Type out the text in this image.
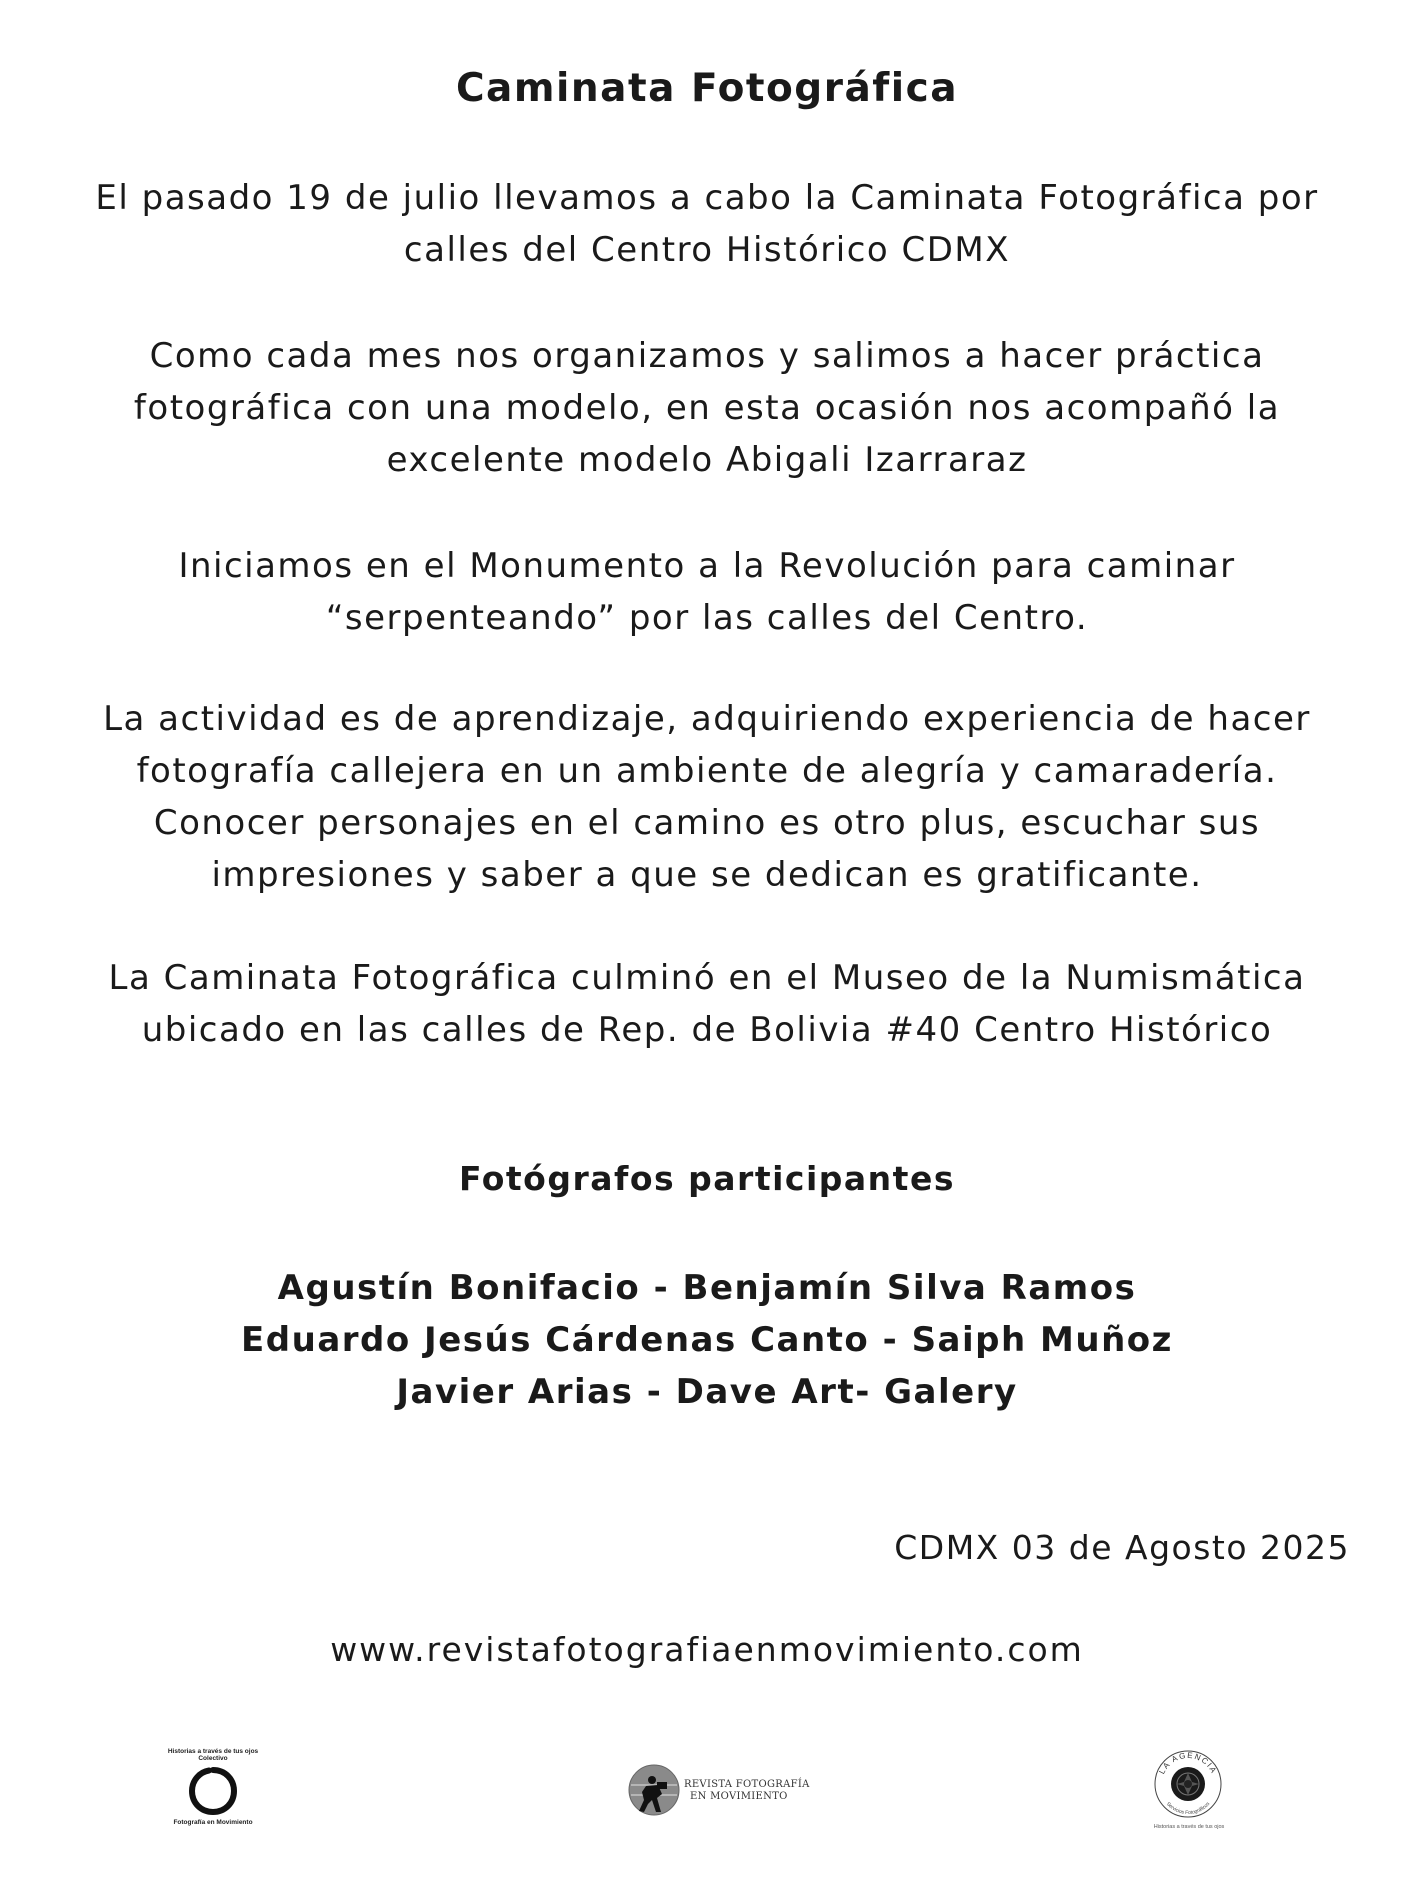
Caminata Fotográfica
El pasado 19 de julio llevamos a cabo la Caminata Fotográfica por
calles del Centro Histórico CDMX
Como cada mes nos organizamos y salimos a hacer práctica
fotográfica con una modelo, en esta ocasión nos acompañó la
excelente modelo Abigali Izarraraz
Iniciamos en el Monumento a la Revolución para caminar
“serpenteando” por las calles del Centro.
La actividad es de aprendizaje, adquiriendo experiencia de hacer
fotografía callejera en un ambiente de alegría y camaradería.
Conocer personajes en el camino es otro plus, escuchar sus
impresiones y saber a que se dedican es gratificante.
La Caminata Fotográfica culminó en el Museo de la Numismática
ubicado en las calles de Rep. de Bolivia #40 Centro Histórico
Fotógrafos participantes
Agustín Bonifacio - Benjamín Silva Ramos
Eduardo Jesús Cárdenas Canto - Saiph Muñoz
Javier Arias - Dave Art- Galery
CDMX 03 de Agosto 2025
www.revistafotografiaenmovimiento.com
Historias a través de tus ojos
Colectivo
Fotografía en Movimiento
REVISTA FOTOGRAFÍA
EN MOVIMIENTO
LA AGENCIA
Servicios Fotográficos
Historias a través de tus ojos
